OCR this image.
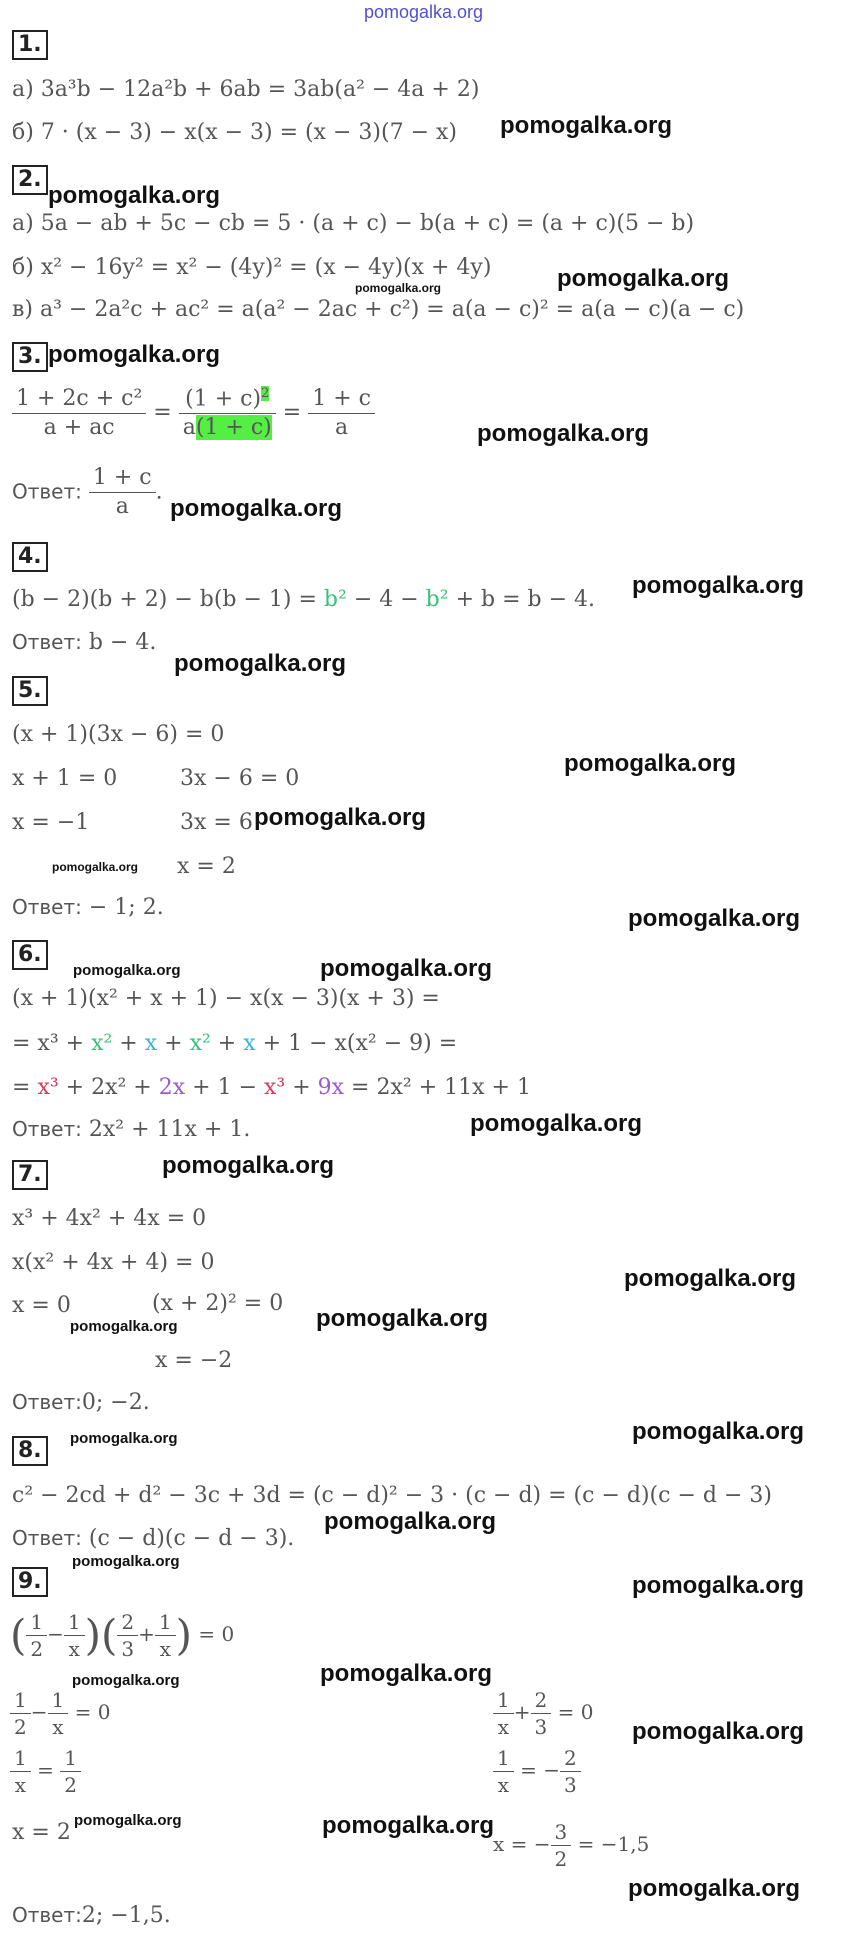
pomogalka.org
1.
а) 3a³b − 12a²b + 6ab = 3ab(a² − 4a + 2)
б) 7 · (x − 3) − x(x − 3) = (x − 3)(7 − x) pomogalka.org
2.
pomogalka.org
а) 5a − ab + 5c − cb = 5 · (a + c) − b(a + c) = (a + c)(5 − b)
б) x² − 16y² = x² − (4y)² = (x − 4y)(x + 4y)	pomogalka.org
pomogalka.org
в) a³ − 2a²c + ac² = a(a² − 2ac + c²) = a(a − c)² = a(a − c)(a − c)
3. pomogalka.org
$\frac{\text{1 + 2c + c²}}{a + ac} = \frac{(1 + c)^2}{a(1 + c)} = \frac{1 + c}{a}$	pomogalka.org
Ответ: $\frac{1 + c}{a}$ .
pomogalka.org
4.
(b − 2)(b + 2) − b(b − 1) = b² − 4 − b² + b = b − 4.
pomogalka.org
Ответ: b − 4.
pomogalka.org
5.
(x + 1)(3x − 6) = 0
pomogalka.org
x + 1 = 0	3x − 6 = 0
x = −1	3x = 6 pomogalka.org
pomogalka.org x = 2
Ответ: − 1; 2.	pomogalka.org
6.
pomogalka.org	pomogalka.org
(x + 1)(x² + x + 1) − x(x − 3)(x + 3) =
= x³ + x² + x + x² + x + 1 − x(x² − 9) =
= x³ + 2x² + 2x + 1 − x³ + 9x = 2x² + 11x + 1
Ответ: 2x² + 11x + 1.	pomogalka.org
7.	pomogalka.org
x³ + 4x² + 4x = 0
x(x² + 4x + 4) = 0
pomogalka.org
x = 0	(x + 2)² = 0
pomogalka.org
pomogalka.org
x = −2
Ответ:0; −2.
pomogalka.org	pomogalka.org
8.
c² − 2cd + d² − 3c + 3d = (c − d)² − 3 · (c − d) = (c − d)(c − d − 3)
Ответ: (c − d)(c − d − 3).
pomogalka.org
pomogalka.org
9.	pomogalka.org
( $\frac{1}{2} - \frac{1}{x}$ )( $\frac{2}{3} + \frac{1}{x}$ ) = 0
pomogalka.org	pomogalka.org
$\frac{1}{2} - \frac{1}{x} = 0$	$\frac{1}{x} + \frac{2}{3} = 0$
pomogalka.org
$\frac{1}{x} = \frac{1}{2}$	$\frac{1}{x}$ = − $\frac{2}{3}$
pomogalka.org	pomogalka.org
x = 2	x = − $\frac{3}{2} = -1,5$
pomogalka.org
Ответ:2; −1,5.
